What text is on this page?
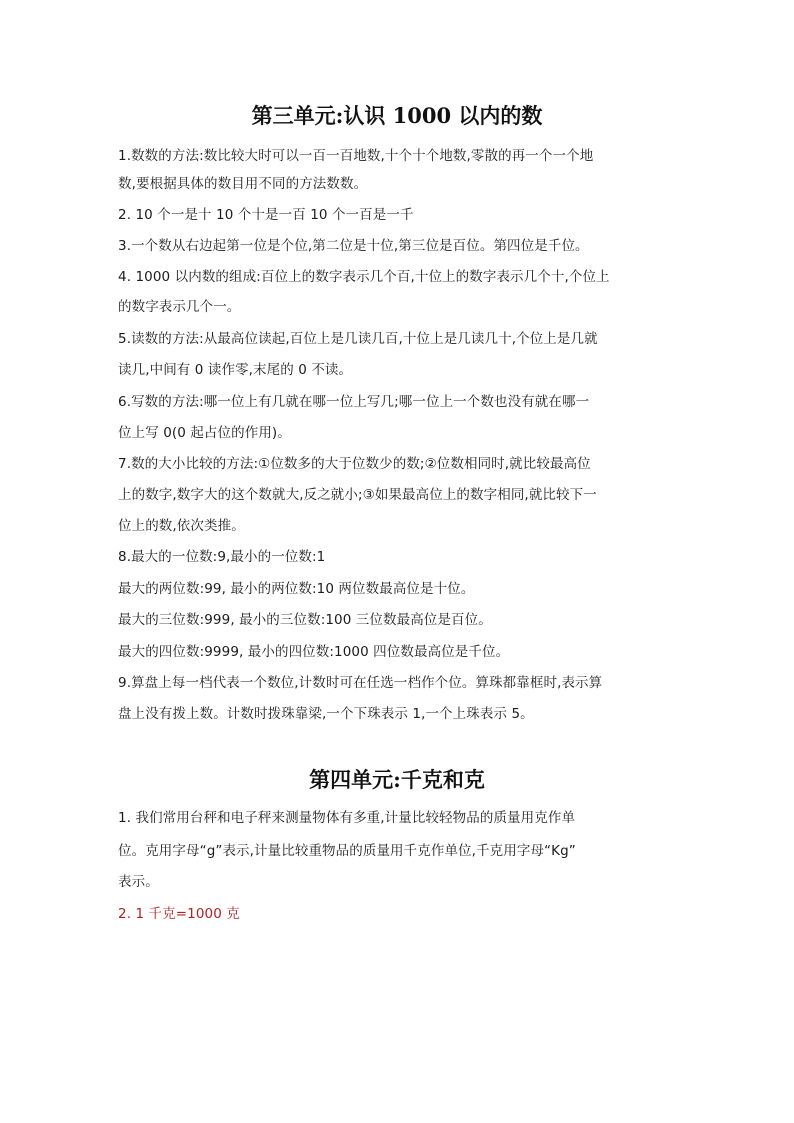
第三单元:认识 1000 以内的数
1.数数的方法:数比较大时可以一百一百地数,十个十个地数,零散的再一个一个地
数,要根据具体的数目用不同的方法数数。
2. 10 个一是十 10 个十是一百 10 个一百是一千
3.一个数从右边起第一位是个位,第二位是十位,第三位是百位。第四位是千位。
4. 1000 以内数的组成:百位上的数字表示几个百,十位上的数字表示几个十,个位上
的数字表示几个一。
5.读数的方法:从最高位读起,百位上是几读几百,十位上是几读几十,个位上是几就
读几,中间有 0 读作零,末尾的 0 不读。
6.写数的方法:哪一位上有几就在哪一位上写几;哪一位上一个数也没有就在哪一
位上写 0(0 起占位的作用)。
7.数的大小比较的方法:①位数多的大于位数少的数;②位数相同时,就比较最高位
上的数字,数字大的这个数就大,反之就小;③如果最高位上的数字相同,就比较下一
位上的数,依次类推。
8.最大的一位数:9,最小的一位数:1
最大的两位数:99, 最小的两位数:10 两位数最高位是十位。
最大的三位数:999, 最小的三位数:100 三位数最高位是百位。
最大的四位数:9999, 最小的四位数:1000 四位数最高位是千位。
9.算盘上每一档代表一个数位,计数时可在任选一档作个位。算珠都靠框时,表示算
盘上没有拨上数。计数时拨珠靠梁,一个下珠表示 1,一个上珠表示 5。
第四单元:千克和克
1. 我们常用台秤和电子秤来测量物体有多重,计量比较轻物品的质量用克作单
位。克用字母“g”表示,计量比较重物品的质量用千克作单位,千克用字母“Kg”
表示。
2. 1 千克=1000 克
